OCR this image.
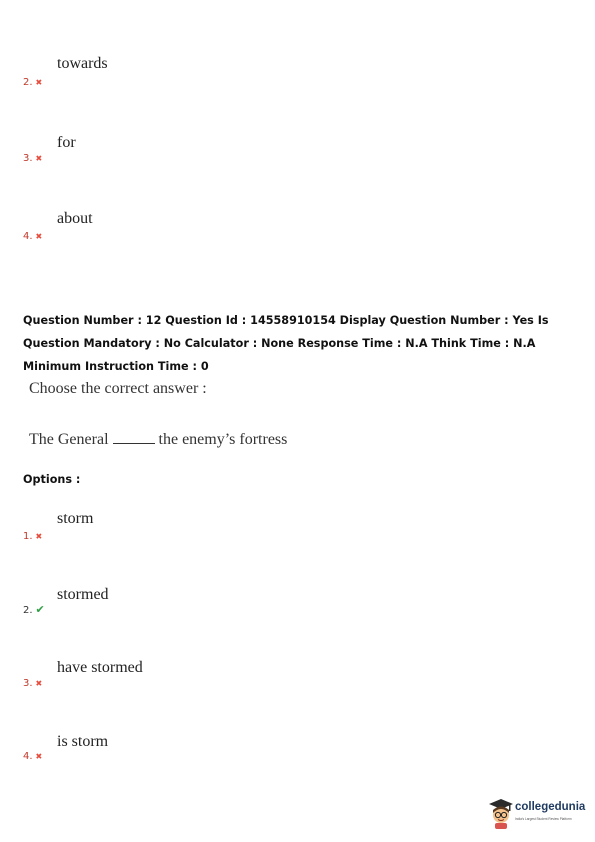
towards
2. ✖
for
3. ✖
about
4. ✖
Question Number : 12 Question Id : 14558910154 Display Question Number : Yes Is Question Mandatory : No Calculator : None Response Time : N.A Think Time : N.A Minimum Instruction Time : 0
Choose the correct answer :
The General	the enemy’s fortress
Options :
storm
1. ✖
stormed
2. ✔
have stormed
3. ✖
is storm
4. ✖
collegedunia
India's Largest Student Review Platform
